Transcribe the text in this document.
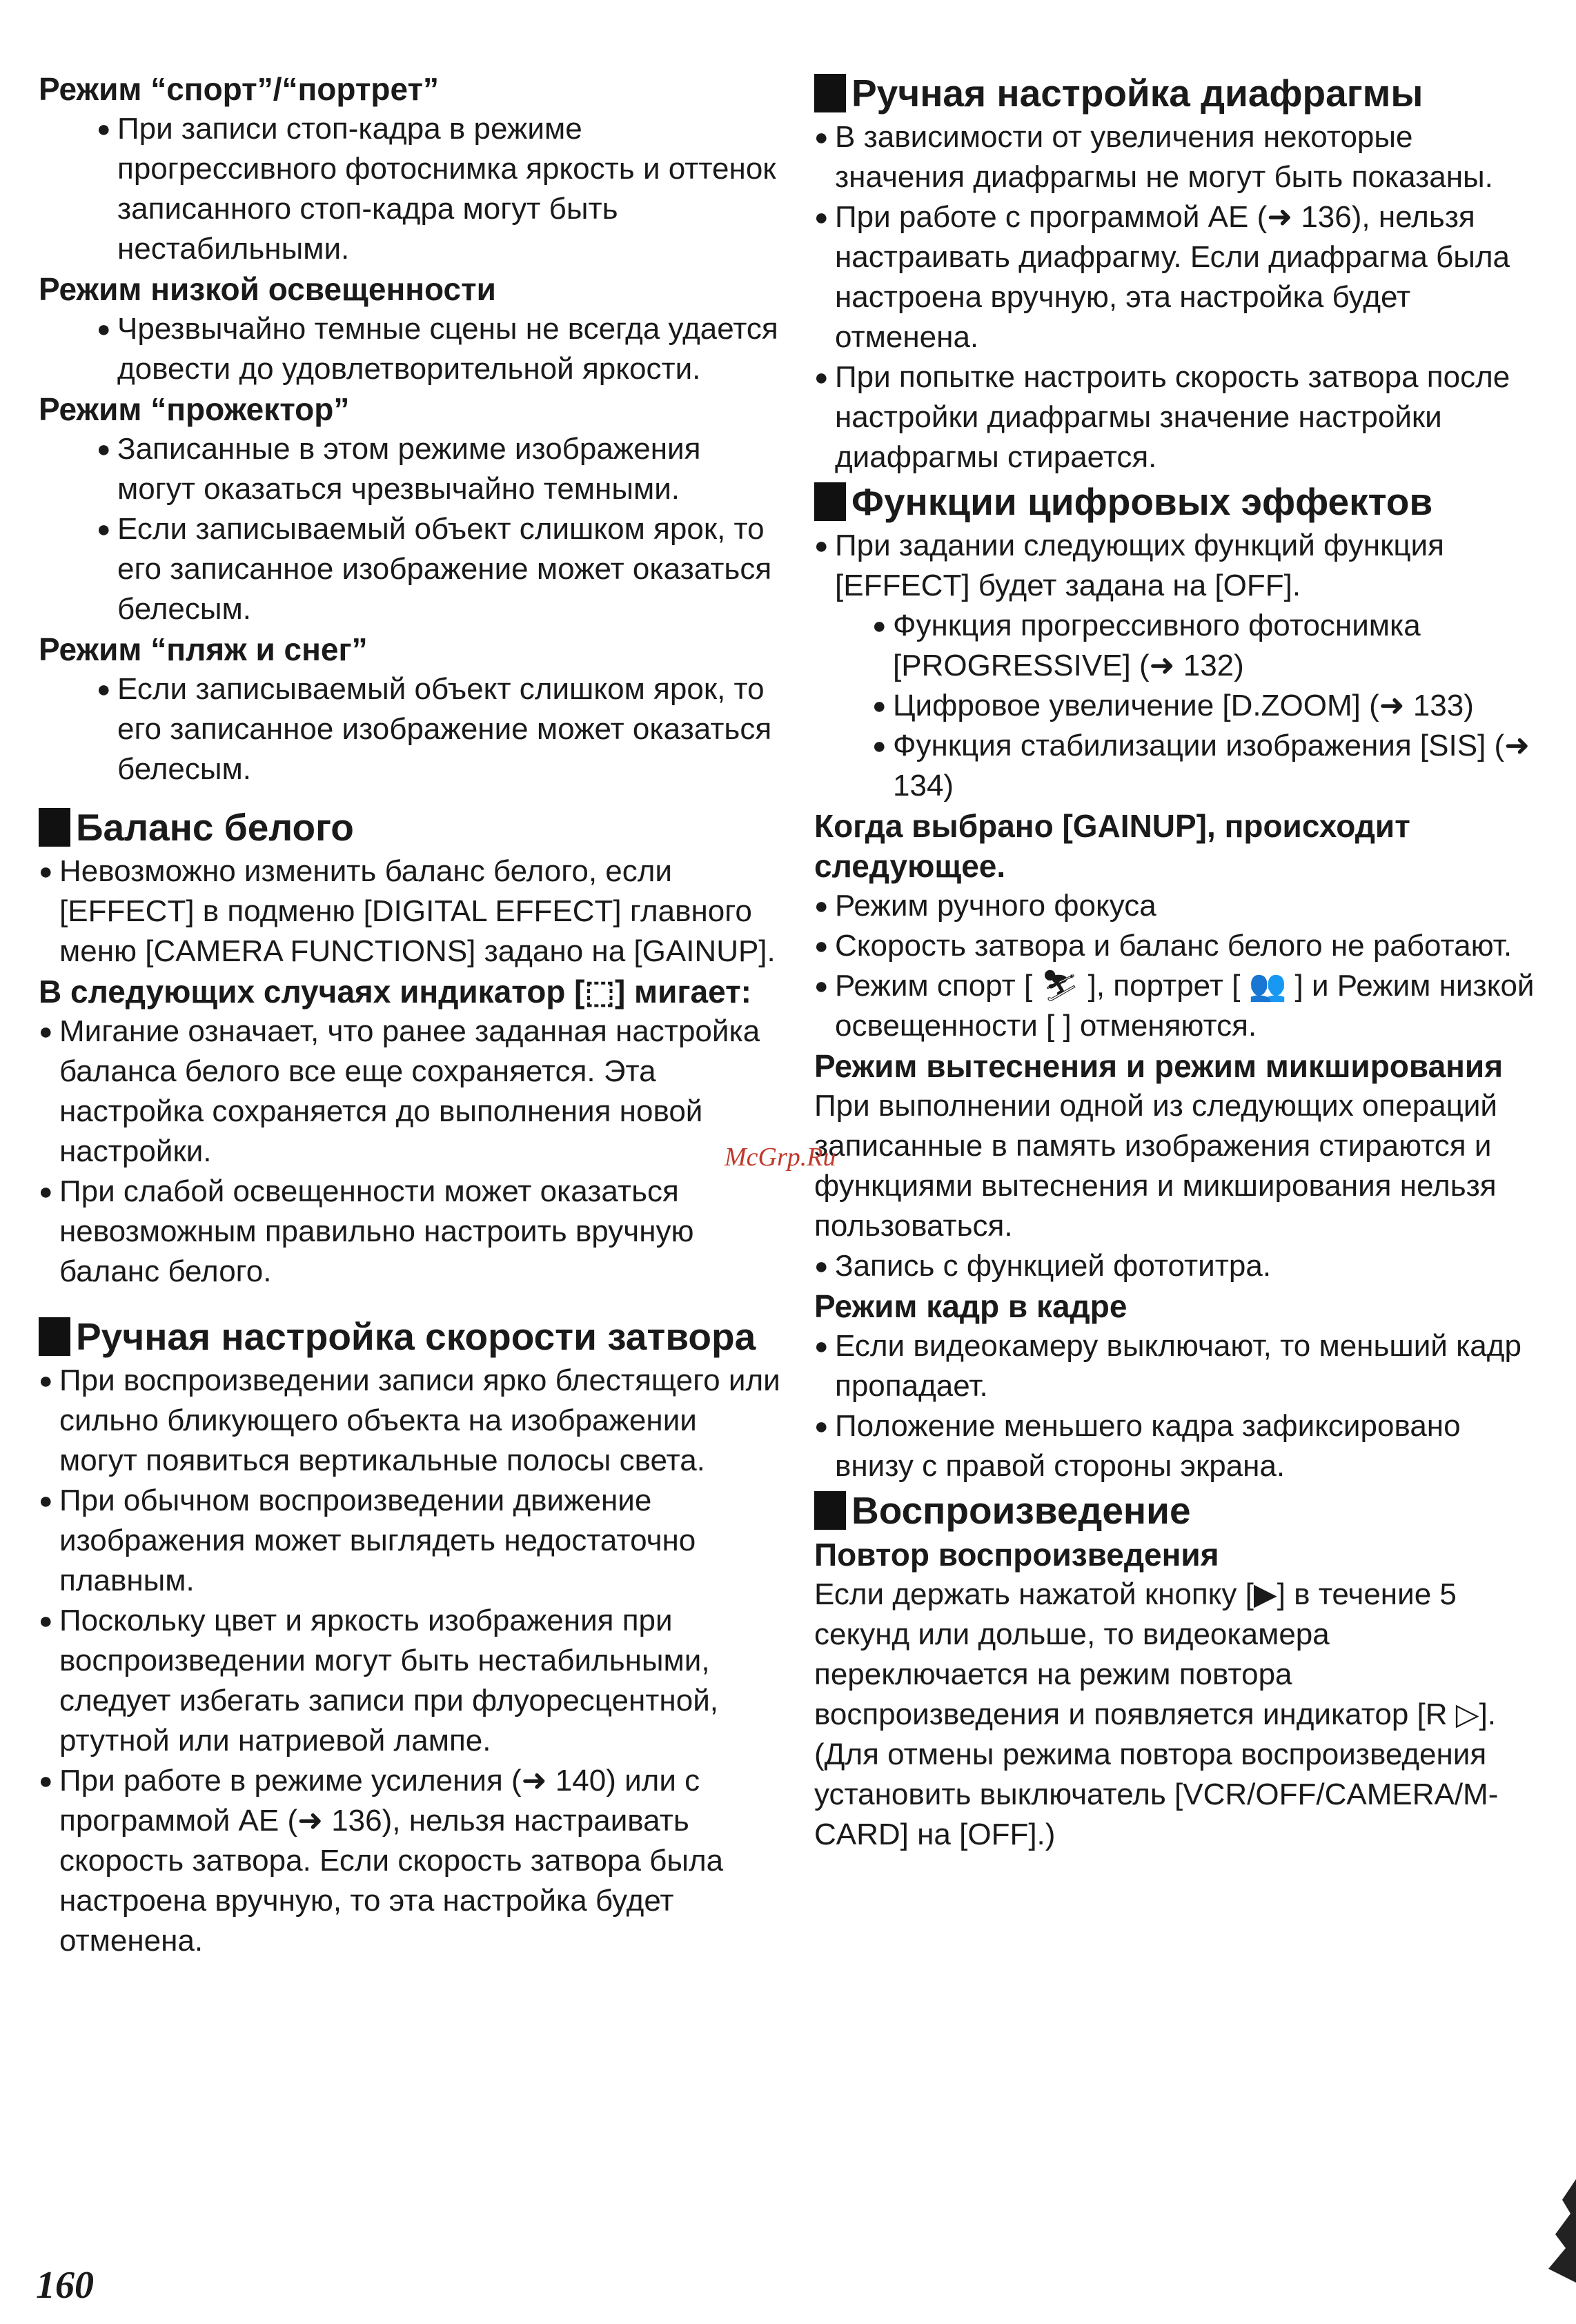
Режим “спорт”/“портрет”
● При записи стоп-кадра в режиме прогрессивного фотоснимка яркость и оттенок записанного стоп-кадра могут быть нестабильными.
Режим низкой освещенности
● Чрезвычайно темные сцены не всегда удается довести до удовлетворительной яркости.
Режим “прожектор”
● Записанные в этом режиме изображения могут оказаться чрезвычайно темными.
● Если записываемый объект слишком ярок, то его записанное изображение может оказаться белесым.
Режим “пляж и снег”
● Если записываемый объект слишком ярок, то его записанное изображение может оказаться белесым.
Баланс белого
● Невозможно изменить баланс белого, если [EFFECT] в подменю [DIGITAL EFFECT] главного меню [CAMERA FUNCTIONS] задано на [GAINUP].
В следующих случаях индикатор [⬚] мигает:
● Мигание означает, что ранее заданная настройка баланса белого все еще сохраняется. Эта настройка сохраняется до выполнения новой настройки.
● При слабой освещенности может оказаться невозможным правильно настроить вручную баланс белого.
Ручная настройка скорости затвора
● При воспроизведении записи ярко блестящего или сильно бликующего объекта на изображении могут появиться вертикальные полосы света.
● При обычном воспроизведении движение изображения может выглядеть недостаточно плавным.
● Поскольку цвет и яркость изображения при воспроизведении могут быть нестабильными, следует избегать записи при флуоресцентной, ртутной или натриевой лампе.
● При работе в режиме усиления (➜ 140) или с программой AE (➜ 136), нельзя настраивать скорость затвора. Если скорость затвора была настроена вручную, то эта настройка будет отменена.
Ручная настройка диафрагмы
● В зависимости от увеличения некоторые значения диафрагмы не могут быть показаны.
● При работе с программой AE (➜ 136), нельзя настраивать диафрагму. Если диафрагма была настроена вручную, эта настройка будет отменена.
● При попытке настроить скорость затвора после настройки диафрагмы значение настройки диафрагмы стирается.
Функции цифровых эффектов
● При задании следующих функций функция [EFFECT] будет задана на [OFF].
● Функция прогрессивного фотоснимка [PROGRESSIVE] (➜ 132)
● Цифровое увеличение [D.ZOOM] (➜ 133)
● Функция стабилизации изображения [SIS] (➜ 134)
Когда выбрано [GAINUP], происходит следующее.
● Режим ручного фокуса
● Скорость затвора и баланс белого не работают.
● Режим спорт [ ⛷ ], портрет [ 👥 ] и Режим низкой освещенности [ ] отменяются.
Режим вытеснения и режим микширования
При выполнении одной из следующих операций записанные в память изображения стираются и функциями вытеснения и микширования нельзя пользоваться.
● Запись с функцией фототитра.
Режим кадр в кадре
● Если видеокамеру выключают, то меньший кадр пропадает.
● Положение меньшего кадра зафиксировано внизу с правой стороны экрана.
Воспроизведение
Повтор воспроизведения
Если держать нажатой кнопку [▶] в течение 5 секунд или дольше, то видеокамера переключается на режим повтора воспроизведения и появляется индикатор [R ▷]. (Для отмены режима повтора воспроизведения установить выключатель [VCR/OFF/CAMERA/M-CARD] на [OFF].)
McGrp.Ru
160
